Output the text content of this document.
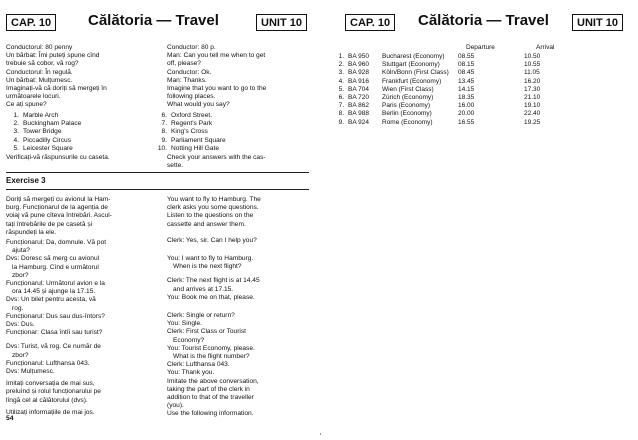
CAP. 10	Călătoria — Travel	UNIT 10
Conductorul: 80 penny
Un bărbat: Îmi puteți spune cînd
trebuie să cobor, vă rog?
Conductorul: În regulă.
Un bărbat: Mulțumesc.
Imaginați-vă că doriți să mergeți în
următoarele locuri.
Ce ați spune?
Conductor: 80 p.
Man: Can you tell me when to get
off, please?
Conductor: Ok.
Man: Thanks.
Imagine that you want to go to the
following places.
What would you say?
1. Marble Arch
2. Buckingham Palace
3. Tower Bridge
4. Piccadilly Circus
5. Leicester Square
6. Oxford Street.
7. Regent's Park
8. King's Cross
9. Parliament Square
10. Notting Hill Gate
Verificați-vă răspunsurile cu caseta.	Check your answers with the cas-
sette.
Exercise 3
Doriți să mergeți cu avionul la Ham-
burg. Funcționarul de la agenția de
voiaj vă pune cîteva întrebări. Ascul-
tați întrebările de pe casetă și
răspundeți la ele.
Funcționarul: Da, domnule. Vă pot
ajuta?
Dvs: Doresc să merg cu avionul
la Hamburg. Cînd e următorul
zbor?
Funcționarul: Următorul avion e la
ora 14.45 și ajunge la 17.15.
Dvs: Un bilet pentru acesta, vă
rog.
Funcționarul: Dus sau dus-întors?
Dvs: Dus.
Funcționar: Clasa întîi sau turist?
Dvs: Turist, vă rog. Ce număr de
zbor?
Funcționarul: Lufthansa 043.
Dvs: Mulțumesc.
Imitați conversația de mai sus,
preluînd și rolul funcționarului pe
lîngă cel al călătorului (dvs).
Utilizați informațiile de mai jos.
You want to fly to Hamburg. The
clerk asks you some questions.
Listen to the questions on the
cassette and answer them.
Clerk: Yes, sir. Can I help you?
You: I want to fly to Hamburg.
When is the next flight?
Clerk: The next flight is at 14.45
and arrives at 17.15.
You: Book me on that, please.
Clerk: Single or return?
You: Single.
Clerk: First Class or Tourist
Economy?
You: Tourist Economy, please.
What is the flight number?
Clerk: Lufthansa 043.
You: Thank you.
Imitate the above conversation,
taking the part of the clerk in
addition to that of the traveller
(you).
Use the following information.
54
CAP. 10	Călătoria — Travel	UNIT 10
Departure	Arrival
1. BA 950 Bucharest (Economy) 08.55	10.50
2. BA 960 Stuttgart (Economy)	08.15	10.55
3. BA 928 Köln/Bonn (First Class) 08.45	11.05
4. BA 916 Frankfurt (Economy)	13.45	16.20
5. BA 704 Wien (First Class)	14.15	17.30
6. BA 720 Zürich (Economy)	18.35	21.10
7. BA 862 Paris (Economy)	16.00	19.10
8. BA 988 Berlin (Economy)	20.00	22.40
9. BA 924 Rome (Economy)	16.55	19.25
